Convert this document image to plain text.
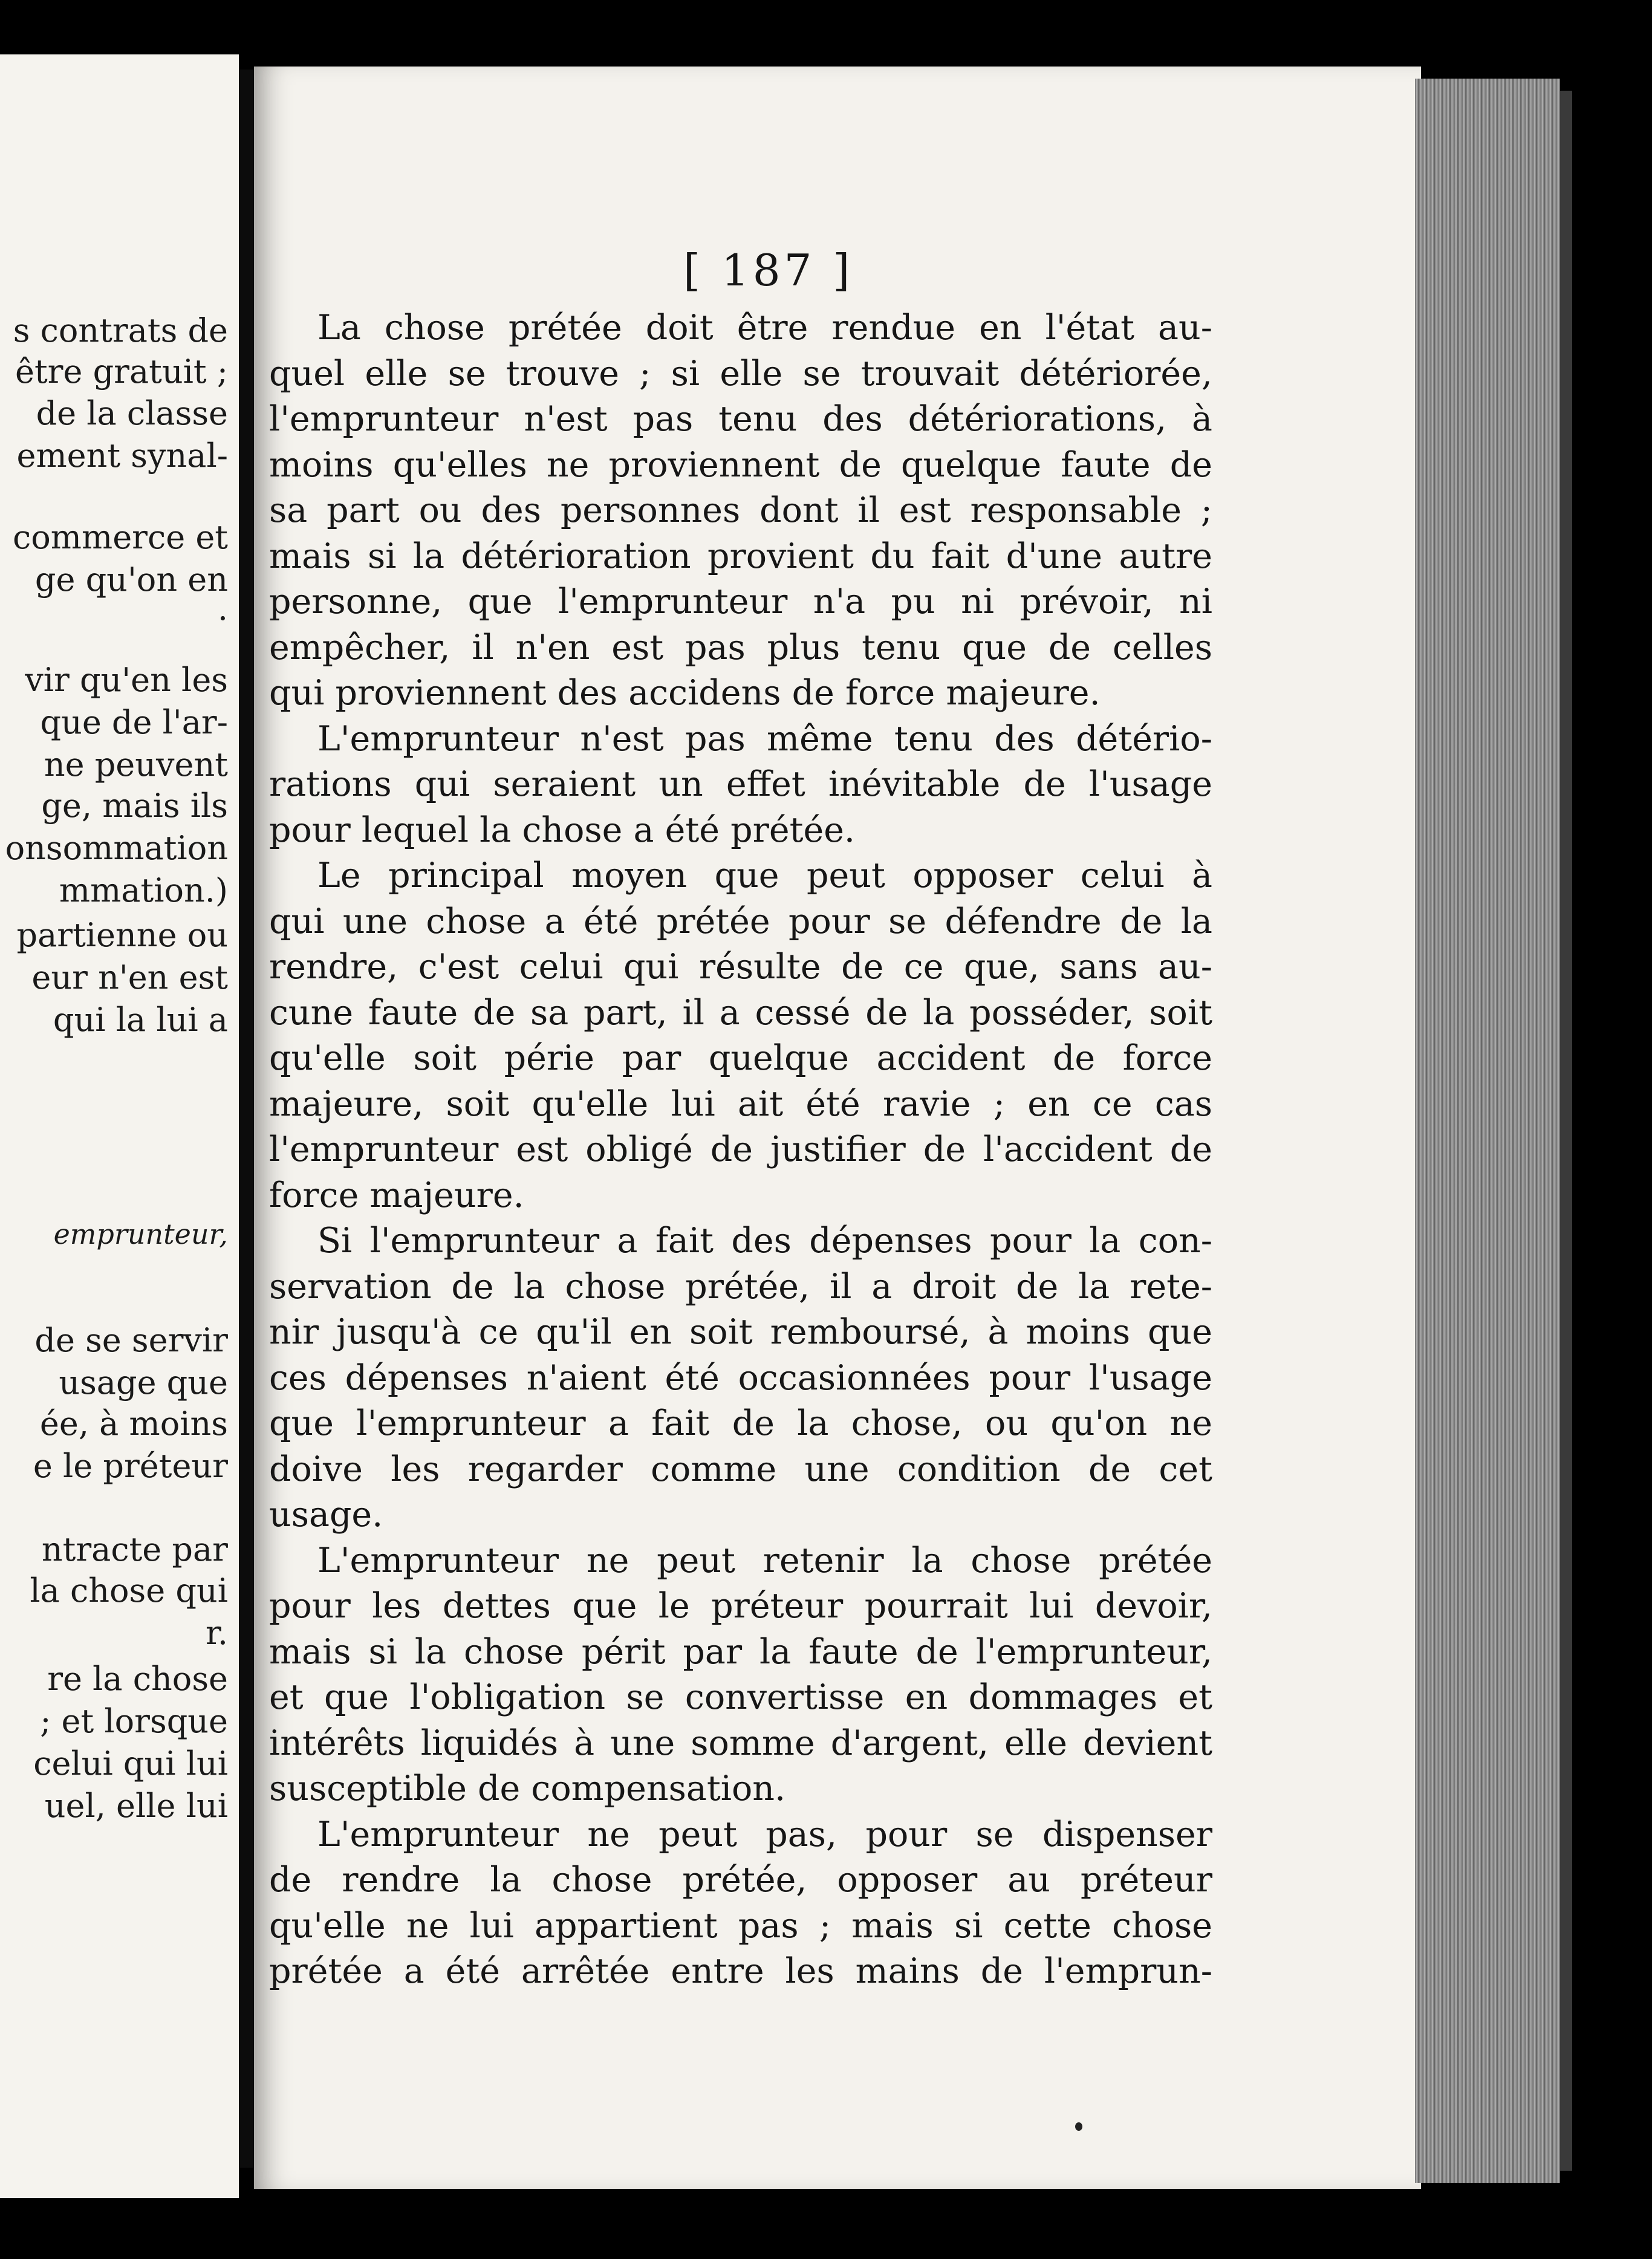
s contrats de
être gratuit ;
de la classe
ement synal-
commerce et
ge qu'on en
.
vir qu'en les
que de l'ar-
ne peuvent
ge, mais ils
onsommation
mmation.)
partienne ou
eur n'en est
qui la lui a
emprunteur,
de se servir
usage que
ée, à moins
e le préteur
ntracte par
la chose qui
r.
re la chose
; et lorsque
celui qui lui
uel, elle lui
[ 187 ]
La chose prétée doit être rendue en l'état au-
quel elle se trouve ; si elle se trouvait détériorée,
l'emprunteur n'est pas tenu des détériorations, à
moins qu'elles ne proviennent de quelque faute de
sa part ou des personnes dont il est responsable ;
mais si la détérioration provient du fait d'une autre
personne, que l'emprunteur n'a pu ni prévoir, ni
empêcher, il n'en est pas plus tenu que de celles
qui proviennent des accidens de force majeure.
L'emprunteur n'est pas même tenu des détério-
rations qui seraient un effet inévitable de l'usage
pour lequel la chose a été prétée.
Le principal moyen que peut opposer celui à
qui une chose a été prétée pour se défendre de la
rendre, c'est celui qui résulte de ce que, sans au-
cune faute de sa part, il a cessé de la posséder, soit
qu'elle soit périe par quelque accident de force
majeure, soit qu'elle lui ait été ravie ; en ce cas
l'emprunteur est obligé de justifier de l'accident de
force majeure.
Si l'emprunteur a fait des dépenses pour la con-
servation de la chose prétée, il a droit de la rete-
nir jusqu'à ce qu'il en soit remboursé, à moins que
ces dépenses n'aient été occasionnées pour l'usage
que l'emprunteur a fait de la chose, ou qu'on ne
doive les regarder comme une condition de cet
usage.
L'emprunteur ne peut retenir la chose prétée
pour les dettes que le préteur pourrait lui devoir,
mais si la chose périt par la faute de l'emprunteur,
et que l'obligation se convertisse en dommages et
intérêts liquidés à une somme d'argent, elle devient
susceptible de compensation.
L'emprunteur ne peut pas, pour se dispenser
de rendre la chose prétée, opposer au préteur
qu'elle ne lui appartient pas ; mais si cette chose
prétée a été arrêtée entre les mains de l'emprun-
